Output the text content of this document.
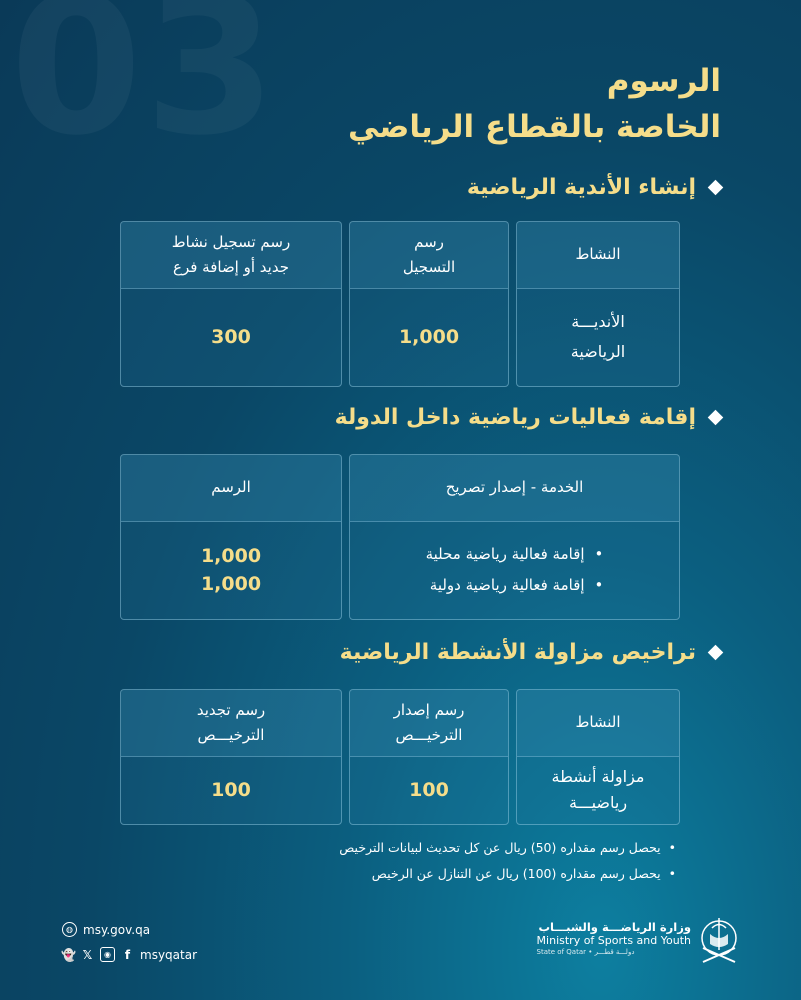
الرسوم
الخاصة بالقطاع الرياضي
إنشاء الأندية الرياضية
النشاط
الأنديـــة
الرياضية
رسم
التسجيل
1,000
رسم تسجيل نشاط
جديد أو إضافة فرع
300
إقامة فعاليات رياضية داخل الدولة
الخدمة - إصدار تصريح
• إقامة فعالية رياضية محلية
• إقامة فعالية رياضية دولية
الرسم
1,000
1,000
تراخيص مزاولة الأنشطة الرياضية
النشاط
مزاولة أنشطة
رياضيـــة
رسم إصدار
الترخيـــص
100
رسم تجديد
الترخيـــص
100
• يحصل رسم مقداره (50) ريال عن كل تحديث لبيانات الترخيص
• يحصل رسم مقداره (100) ريال عن التنازل عن الرخيص
◍ msy.gov.qa
👻 𝕏	◉	f msyqatar
وزارة الرياضـــة والشبـــاب
Ministry of Sports and Youth
State of Qatar • دولـــة قطـــر
